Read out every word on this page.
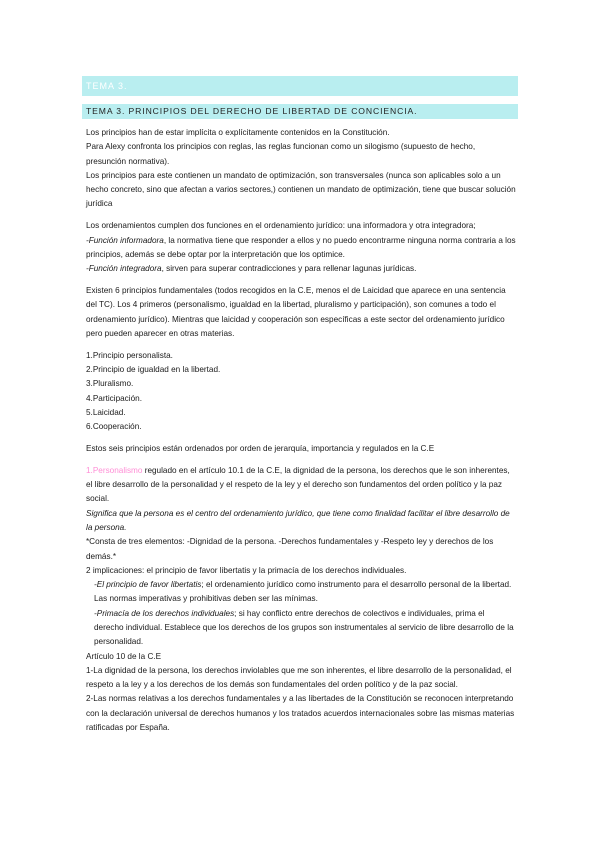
TEMA 3.
TEMA 3. PRINCIPIOS DEL DERECHO DE LIBERTAD DE CONCIENCIA.

Los principios han de estar implícita o explícitamente contenidos en la Constitución.

Para Alexy confronta los principios con reglas, las reglas funcionan como un silogismo (supuesto de hecho, presunción normativa).

Los principios para este contienen un mandato de optimización, son transversales (nunca son aplicables solo a un hecho concreto, sino que afectan a varios sectores,) contienen un mandato de optimización, tiene que buscar solución jurídica

Los ordenamientos cumplen dos funciones en el ordenamiento jurídico: una informadora y otra integradora;

-Función informadora, la normativa tiene que responder a ellos y no puedo encontrarme ninguna norma contraria a los principios, además se debe optar por la interpretación que los optimice.

-Función integradora, sirven para superar contradicciones y para rellenar lagunas jurídicas.

Existen 6 principios fundamentales (todos recogidos en la C.E, menos el de Laicidad que aparece en una sentencia del TC). Los 4 primeros (personalismo, igualdad en la libertad, pluralismo y participación), son comunes a todo el ordenamiento jurídico). Mientras que laicidad y cooperación son específicas a este sector del ordenamiento jurídico pero pueden aparecer en otras materias.

1.Principio personalista.

2.Principio de igualdad en la libertad.

3.Pluralismo.

4.Participación.

5.Laicidad.

6.Cooperación.

Estos seis principios están ordenados por orden de jerarquía, importancia y regulados en la C.E

1.Personalismo regulado en el artículo 10.1 de la C.E, la dignidad de la persona, los derechos que le son inherentes, el libre desarrollo de la personalidad y el respeto de la ley y el derecho son fundamentos del orden político y la paz social.

Significa que la persona es el centro del ordenamiento jurídico, que tiene como finalidad facilitar el libre desarrollo de la persona.

*Consta de tres elementos: -Dignidad de la persona. -Derechos fundamentales y -Respeto ley y derechos de los demás.*

2 implicaciones: el principio de favor libertatis y la primacía de los derechos individuales.

-El principio de favor libertatis; el ordenamiento jurídico como instrumento para el desarrollo personal de la libertad. Las normas imperativas y prohibitivas deben ser las mínimas.

-Primacía de los derechos individuales; si hay conflicto entre derechos de colectivos e individuales, prima el derecho individual. Establece que los derechos de los grupos son instrumentales al servicio de libre desarrollo de la personalidad.

Artículo 10 de la C.E

1-La dignidad de la persona, los derechos inviolables que me son inherentes, el libre desarrollo de la personalidad, el respeto a la ley y a los derechos de los demás son fundamentales del orden político y de la paz social.

2-Las normas relativas a los derechos fundamentales y a las libertades de la Constitución se reconocen interpretando con la declaración universal de derechos humanos y los tratados acuerdos internacionales sobre las mismas materias ratificadas por España.
